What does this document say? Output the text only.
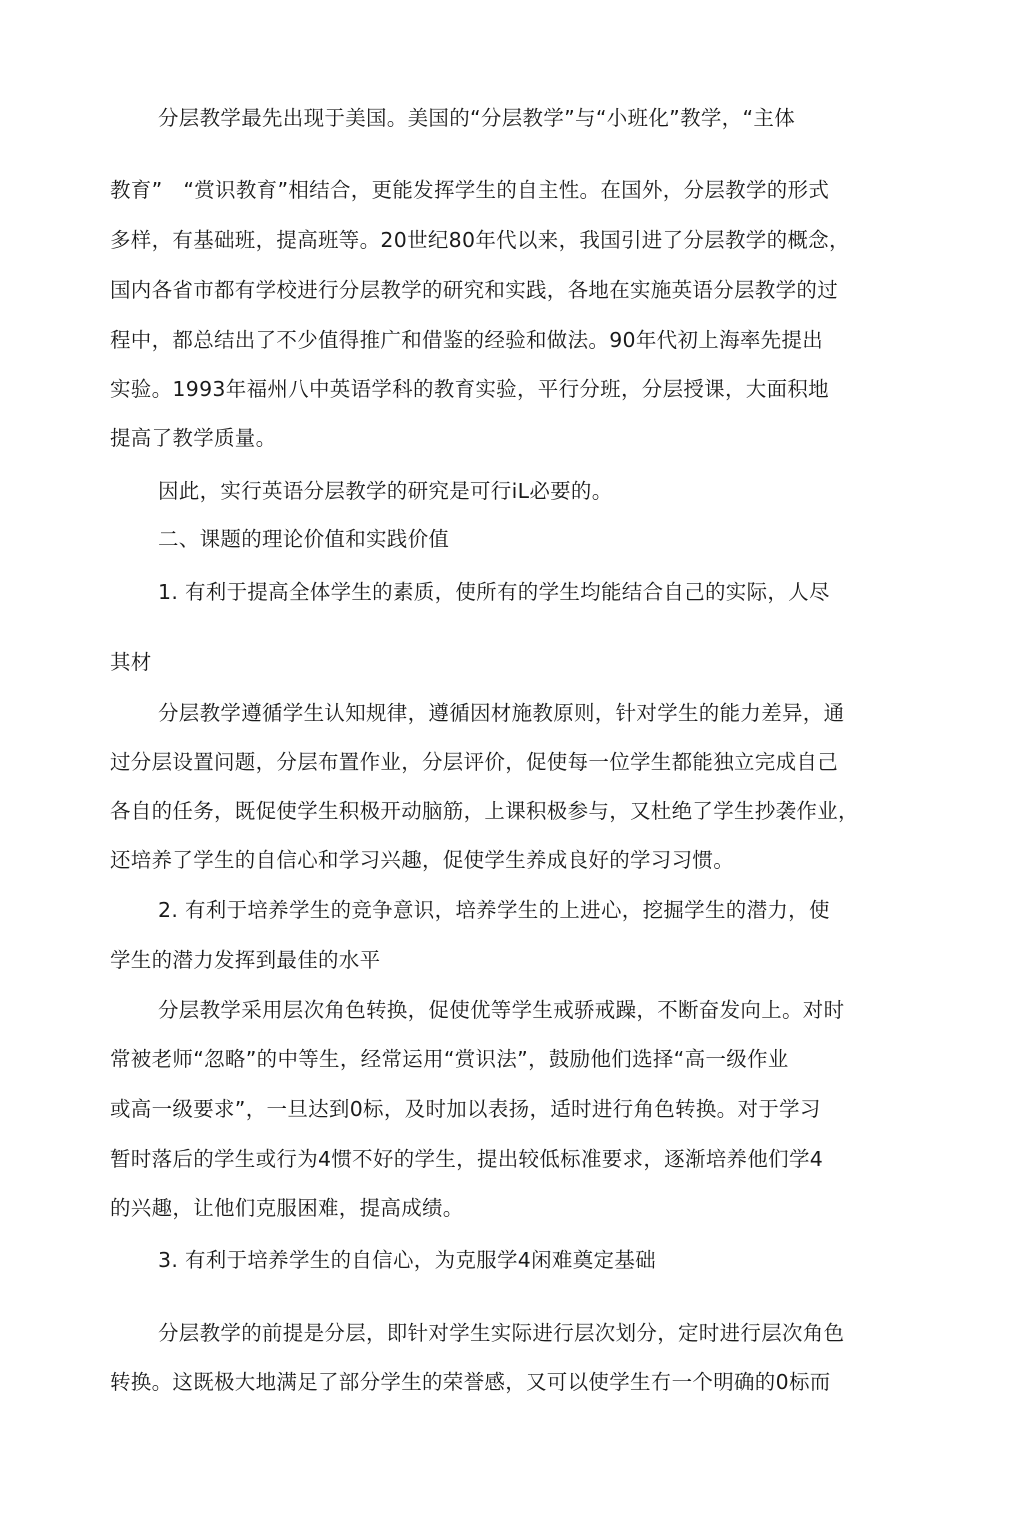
分层教学最先出现于美国。美国的“分层教学”与“小班化”教学，“主体
教育”　“赏识教育”相结合，更能发挥学生的自主性。在国外，分层教学的形式
多样，有基础班，提高班等。20世纪80年代以来，我国引进了分层教学的概念，
国内各省市都有学校进行分层教学的研究和实践，各地在实施英语分层教学的过
程中，都总结出了不少值得推广和借鉴的经验和做法。90年代初上海率先提出
实验。1993年福州八中英语学科的教育实验，平行分班，分层授课，大面积地
提高了教学质量。
因此，实行英语分层教学的研究是可行iL必要的。
二、课题的理论价值和实践价值
1. 有利于提高全体学生的素质，使所有的学生均能结合自己的实际，人尽
其材
分层教学遵循学生认知规律，遵循因材施教原则，针对学生的能力差异，通
过分层设置问题，分层布置作业，分层评价，促使每一位学生都能独立完成自己
各自的任务，既促使学生积极开动脑筋，上课积极参与，又杜绝了学生抄袭作业，
还培养了学生的自信心和学习兴趣，促使学生养成良好的学习习惯。
2. 有利于培养学生的竞争意识，培养学生的上进心，挖掘学生的潜力，使
学生的潜力发挥到最佳的水平
分层教学采用层次角色转换，促使优等学生戒骄戒躁，不断奋发向上。对时
常被老师“忽略”的中等生，经常运用“赏识法”，鼓励他们选择“高一级作业
或高一级要求”，一旦达到0标，及时加以表扬，适时进行角色转换。对于学习
暂时落后的学生或行为4惯不好的学生，提出较低标准要求，逐渐培养他们学4
的兴趣，让他们克服困难，提高成绩。
3. 有利于培养学生的自信心，为克服学4闲难奠定基础
分层教学的前提是分层，即针对学生实际进行层次划分，定时进行层次角色
转换。这既极大地满足了部分学生的荣誉感，又可以使学生冇一个明确的0标而
